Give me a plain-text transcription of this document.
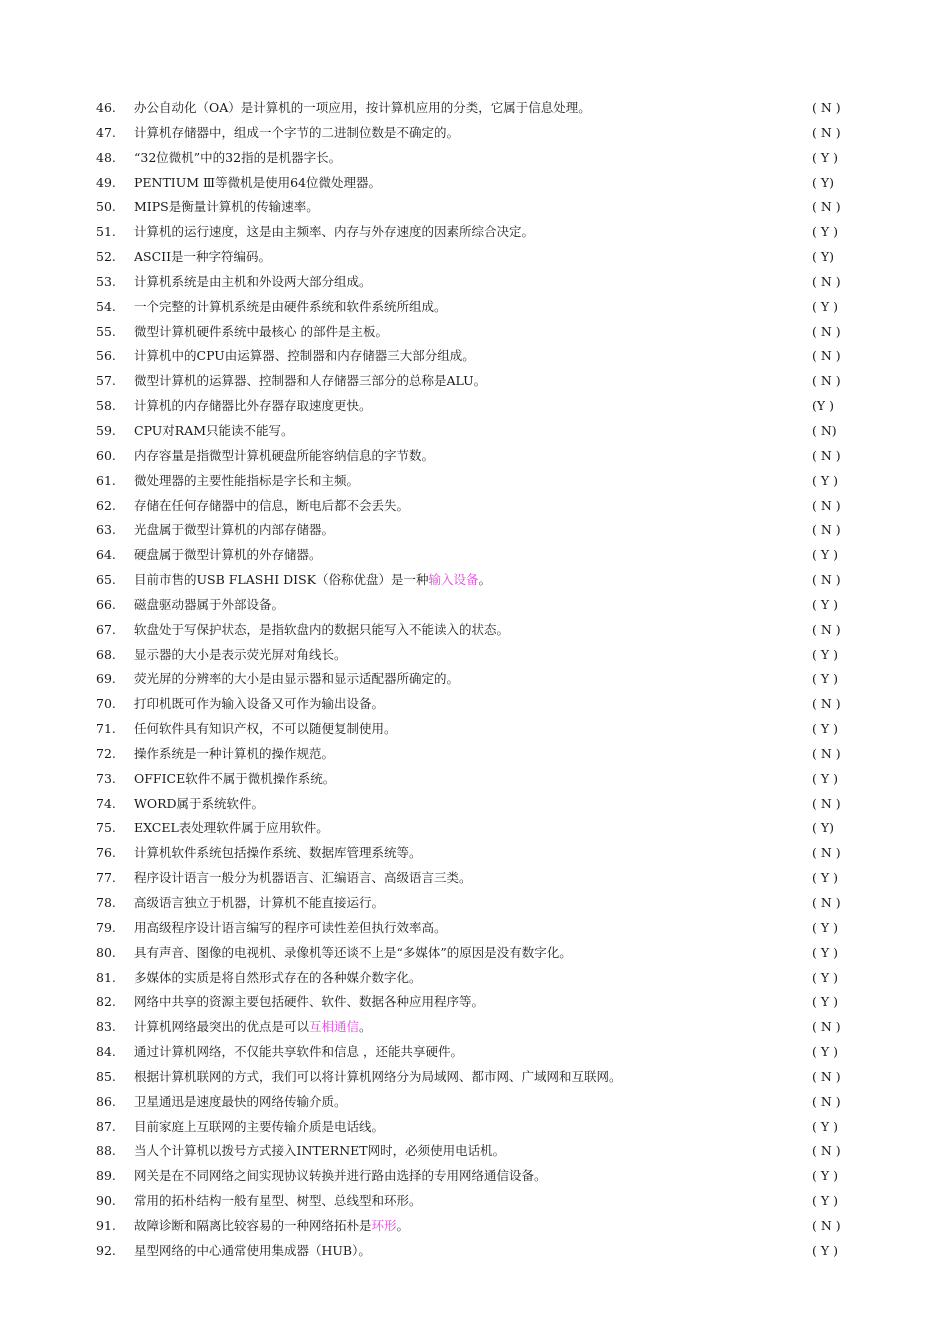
46.	办公自动化（OA）是计算机的一项应用，按计算机应用的分类，它属于信息处理。	( N )
47.	计算机存储器中，组成一个字节的二进制位数是不确定的。	( N )
48.	“32位微机”中的32指的是机器字长。	( Y )
49.	PENTIUM Ⅲ等微机是使用64位微处理器。	( Y)
50.	MIPS是衡量计算机的传输速率。	( N )
51.	计算机的运行速度，这是由主频率、内存与外存速度的因素所综合决定。	( Y )
52.	ASCII是一种字符编码。	( Y)
53.	计算机系统是由主机和外设两大部分组成。	( N )
54.	一个完整的计算机系统是由硬件系统和软件系统所组成。	( Y )
55.	微型计算机硬件系统中最核心 的部件是主板。	( N )
56.	计算机中的CPU由运算器、控制器和内存储器三大部分组成。	( N )
57.	微型计算机的运算器、控制器和人存储器三部分的总称是ALU。	( N )
58.	计算机的内存储器比外存器存取速度更快。	(Y )
59.	CPU对RAM只能读不能写。	( N)
60.	内存容量是指微型计算机硬盘所能容纳信息的字节数。	( N )
61.	微处理器的主要性能指标是字长和主频。	( Y )
62.	存储在任何存储器中的信息，断电后都不会丢失。	( N )
63.	光盘属于微型计算机的内部存储器。	( N )
64.	硬盘属于微型计算机的外存储器。	( Y )
65.	目前市售的USB FLASHI DISK（俗称优盘）是一种输入设备。	( N )
66.	磁盘驱动器属于外部设备。	( Y )
67.	软盘处于写保护状态，是指软盘内的数据只能写入不能读入的状态。	( N )
68.	显示器的大小是表示荧光屏对角线长。	( Y )
69.	荧光屏的分辨率的大小是由显示器和显示适配器所确定的。	( Y )
70.	打印机既可作为输入设备又可作为输出设备。	( N )
71.	任何软件具有知识产权，不可以随便复制使用。	( Y )
72.	操作系统是一种计算机的操作规范。	( N )
73.	OFFICE软件不属于微机操作系统。	( Y )
74.	WORD属于系统软件。	( N )
75.	EXCEL表处理软件属于应用软件。	( Y)
76.	计算机软件系统包括操作系统、数据库管理系统等。	( N )
77.	程序设计语言一般分为机器语言、汇编语言、高级语言三类。	( Y )
78.	高级语言独立于机器，计算机不能直接运行。	( N )
79.	用高级程序设计语言编写的程序可读性差但执行效率高。	( Y )
80.	具有声音、图像的电视机、录像机等还谈不上是“多媒体”的原因是没有数字化。	( Y )
81.	多媒体的实质是将自然形式存在的各种媒介数字化。	( Y )
82.	网络中共享的资源主要包括硬件、软件、数据各种应用程序等。	( Y )
83.	计算机网络最突出的优点是可以互相通信。	( N )
84.	通过计算机网络，不仅能共享软件和信息 ，还能共享硬件。	( Y )
85.	根据计算机联网的方式，我们可以将计算机网络分为局域网、都市网、广域网和互联网。	( N )
86.	卫星通迅是速度最快的网络传输介质。	( N )
87.	目前家庭上互联网的主要传输介质是电话线。	( Y )
88.	当人个计算机以拨号方式接入INTERNET网时，必须使用电话机。	( N )
89.	网关是在不同网络之间实现协议转换并进行路由选择的专用网络通信设备。	( Y )
90.	常用的拓朴结构一般有星型、树型、总线型和环形。	( Y )
91.	故障诊断和隔离比较容易的一种网络拓朴是环形。	( N )
92.	星型网络的中心通常使用集成器（HUB）。	( Y )
